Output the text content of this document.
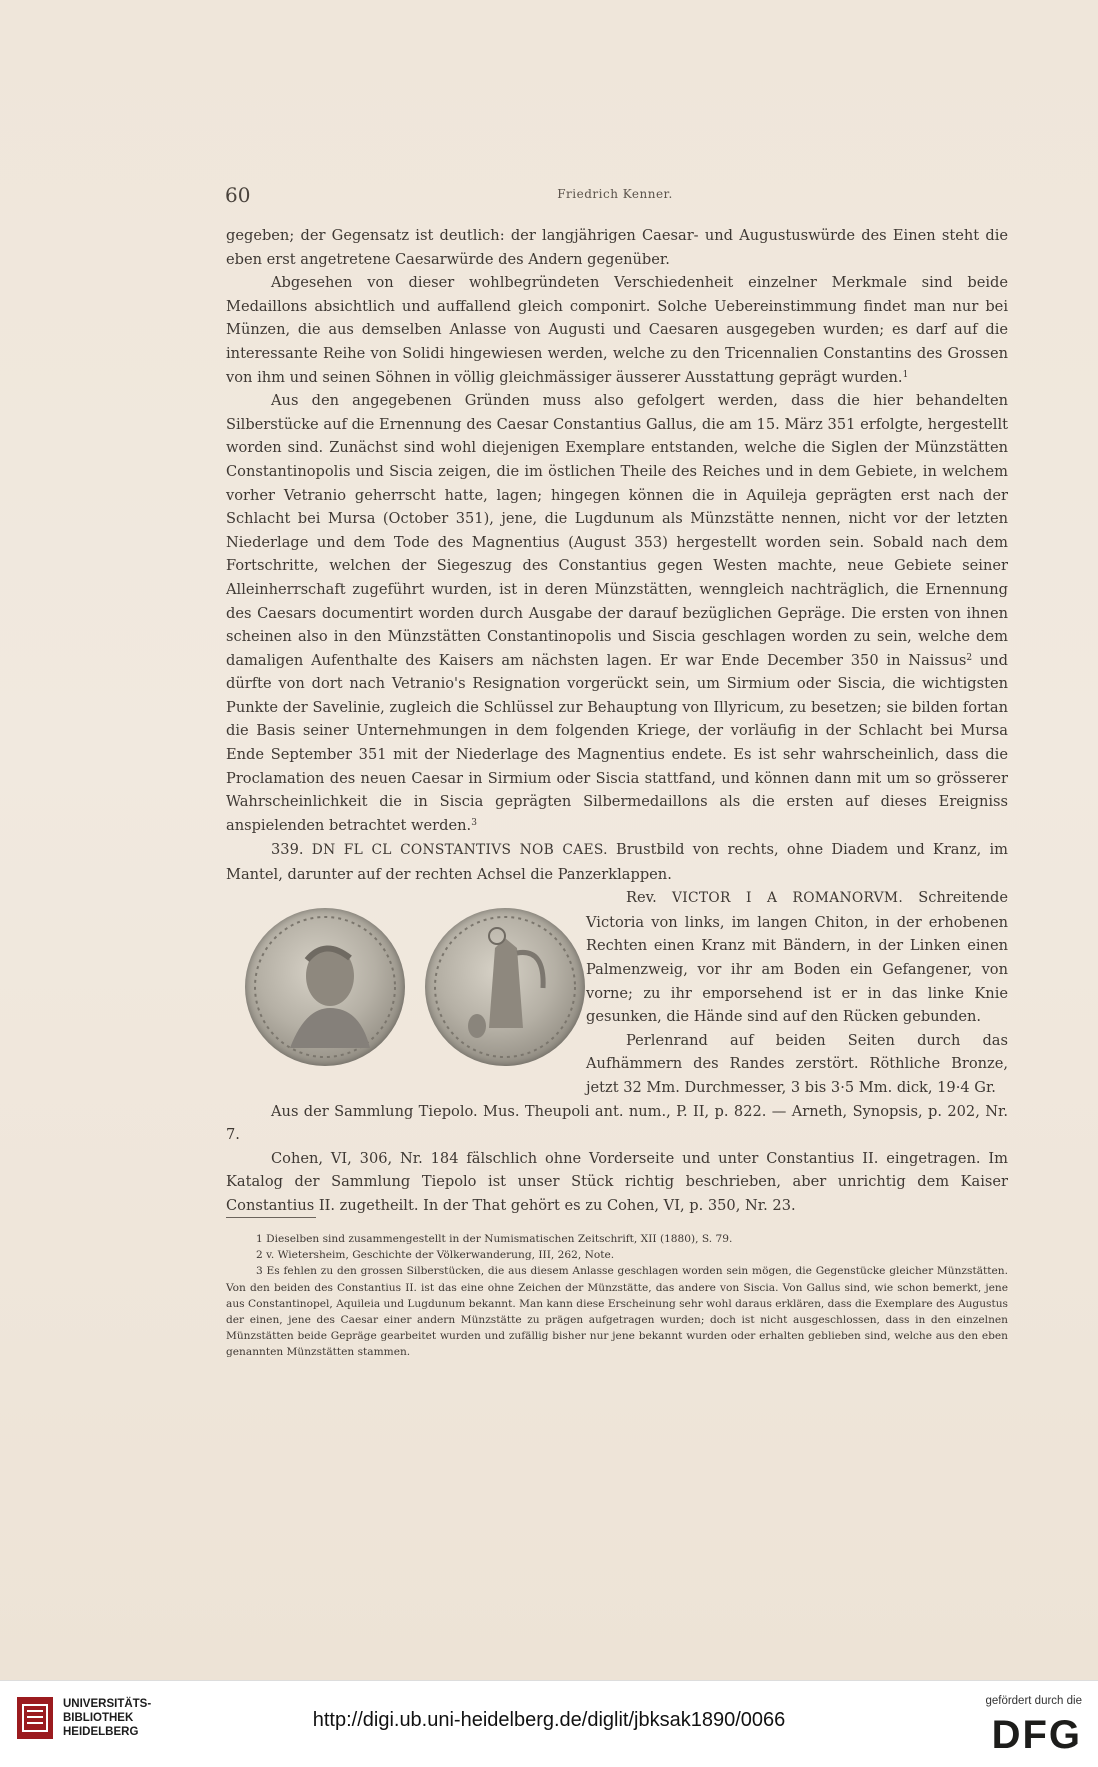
60	Friedrich Kenner.

gegeben; der Gegensatz ist deutlich: der langjährigen Caesar- und Augustuswürde des Einen steht die eben erst angetretene Caesarwürde des Andern gegenüber.

Abgesehen von dieser wohlbegründeten Verschiedenheit einzelner Merkmale sind beide Medaillons absichtlich und auffallend gleich componirt. Solche Uebereinstimmung findet man nur bei Münzen, die aus demselben Anlasse von Augusti und Caesaren ausgegeben wurden; es darf auf die interessante Reihe von Solidi hingewiesen werden, welche zu den Tricennalien Constantins des Grossen von ihm und seinen Söhnen in völlig gleichmässiger äusserer Ausstattung geprägt wurden.$^1$

Aus den angegebenen Gründen muss also gefolgert werden, dass die hier behandelten Silberstücke auf die Ernennung des Caesar Constantius Gallus, die am 15. März 351 erfolgte, hergestellt worden sind. Zunächst sind wohl diejenigen Exemplare entstanden, welche die Siglen der Münzstätten Constantinopolis und Siscia zeigen, die im östlichen Theile des Reiches und in dem Gebiete, in welchem vorher Vetranio geherrscht hatte, lagen; hingegen können die in Aquileja geprägten erst nach der Schlacht bei Mursa (October 351), jene, die Lugdunum als Münzstätte nennen, nicht vor der letzten Niederlage und dem Tode des Magnentius (August 353) hergestellt worden sein. Sobald nach dem Fortschritte, welchen der Siegeszug des Constantius gegen Westen machte, neue Gebiete seiner Alleinherrschaft zugeführt wurden, ist in deren Münzstätten, wenngleich nachträglich, die Ernennung des Caesars documentirt worden durch Ausgabe der darauf bezüglichen Gepräge. Die ersten von ihnen scheinen also in den Münzstätten Constantinopolis und Siscia geschlagen worden zu sein, welche dem damaligen Aufenthalte des Kaisers am nächsten lagen. Er war Ende December 350 in Naissus$^2$ und dürfte von dort nach Vetranio's Resignation vorgerückt sein, um Sirmium oder Siscia, die wichtigsten Punkte der Savelinie, zugleich die Schlüssel zur Behauptung von Illyricum, zu besetzen; sie bilden fortan die Basis seiner Unternehmungen in dem folgenden Kriege, der vorläufig in der Schlacht bei Mursa Ende September 351 mit der Niederlage des Magnentius endete. Es ist sehr wahrscheinlich, dass die Proclamation des neuen Caesar in Sirmium oder Siscia stattfand, und können dann mit um so grösserer Wahrscheinlichkeit die in Siscia geprägten Silbermedaillons als die ersten auf dieses Ereigniss anspielenden betrachtet werden.$^3$

339. DN FL CL CONSTANTIVS NOB CAES. Brustbild von rechts, ohne Diadem und Kranz, im Mantel, darunter auf der rechten Achsel die Panzerklappen.

Rev. VICTOR I A ROMANORVM. Schreitende Victoria von links, im langen Chiton, in der erhobenen Rechten einen Kranz mit Bändern, in der Linken einen Palmenzweig, vor ihr am Boden ein Gefangener, von vorne; zu ihr emporsehend ist er in das linke Knie gesunken, die Hände sind auf den Rücken gebunden.

Perlenrand auf beiden Seiten durch das Aufhämmern des Randes zerstört. Röthliche Bronze, jetzt 32 Mm. Durchmesser, 3 bis 3·5 Mm. dick, 19·4 Gr.

Aus der Sammlung Tiepolo. Mus. Theupoli ant. num., P. II, p. 822. — Arneth, Synopsis, p. 202, Nr. 7.

Cohen, VI, 306, Nr. 184 fälschlich ohne Vorderseite und unter Constantius II. eingetragen. Im Katalog der Sammlung Tiepolo ist unser Stück richtig beschrieben, aber unrichtig dem Kaiser Constantius II. zugetheilt. In der That gehört es zu Cohen, VI, p. 350, Nr. 23.

1 Dieselben sind zusammengestellt in der Numismatischen Zeitschrift, XII (1880), S. 79.

2 v. Wietersheim, Geschichte der Völkerwanderung, III, 262, Note.

3 Es fehlen zu den grossen Silberstücken, die aus diesem Anlasse geschlagen worden sein mögen, die Gegenstücke gleicher Münzstätten. Von den beiden des Constantius II. ist das eine ohne Zeichen der Münzstätte, das andere von Siscia. Von Gallus sind, wie schon bemerkt, jene aus Constantinopel, Aquileia und Lugdunum bekannt. Man kann diese Erscheinung sehr wohl daraus erklären, dass die Exemplare des Augustus der einen, jene des Caesar einer andern Münzstätte zu prägen aufgetragen wurden; doch ist nicht ausgeschlossen, dass in den einzelnen Münzstätten beide Gepräge gearbeitet wurden und zufällig bisher nur jene bekannt wurden oder erhalten geblieben sind, welche aus den eben genannten Münzstätten stammen.

UNIVERSITÄTS-
BIBLIOTHEK
HEIDELBERG
http://digi.ub.uni-heidelberg.de/diglit/jbksak1890/0066
gefördert durch die
DFG
